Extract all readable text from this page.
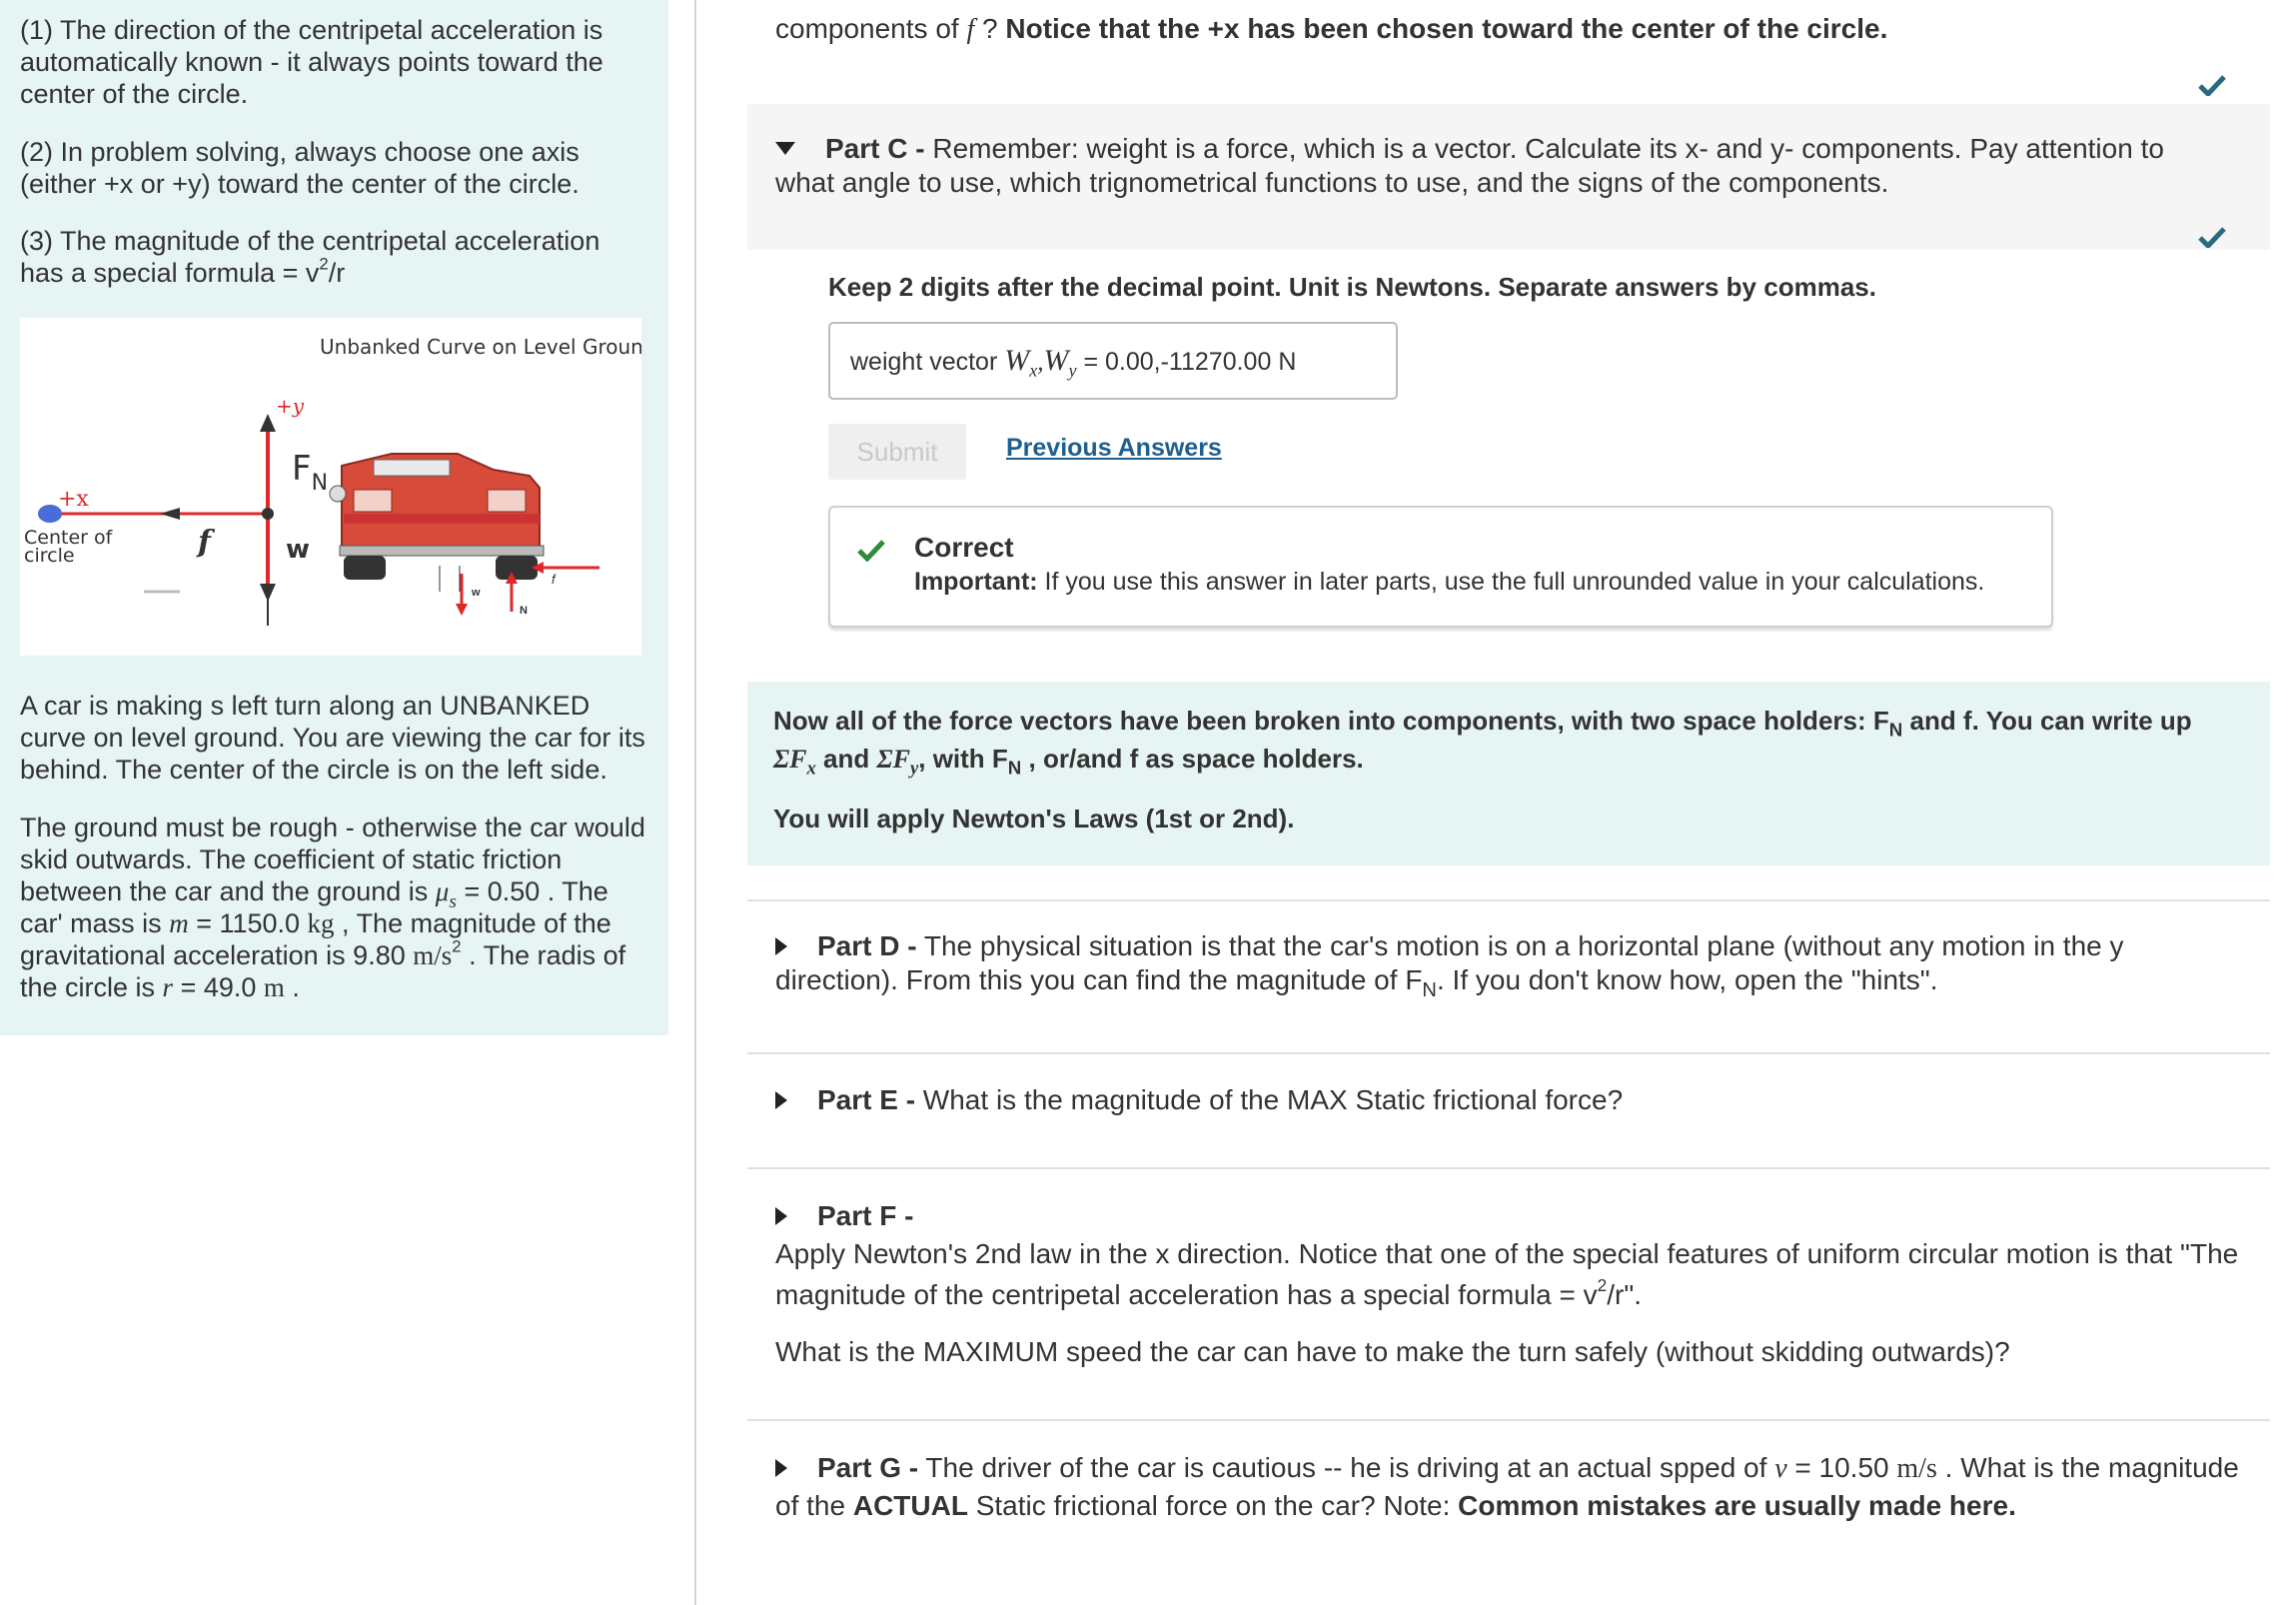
(1) The direction of the centripetal acceleration is automatically known - it always points toward the center of the circle.

(2) In problem solving, always choose one axis (either +x or +y) toward the center of the circle.

(3) The magnitude of the centripetal acceleration has a special formula = $v^2/r$

Unbanked Curve on Level Ground
+y
$F_N$
w
f
+x
Center of
circle
w
N
f

A car is making s left turn along an UNBANKED curve on level ground. You are viewing the car for its behind. The center of the circle is on the left side.

The ground must be rough - otherwise the car would skid outwards. The coefficient of static friction between the car and the ground is $\mu_s = 0.50$ . The car' mass is m = 1150.0 kg , The magnitude of the gravitational acceleration is 9.80 $m/s^2$ . The radis of the circle is r = 49.0 m .

components of f ? Notice that the +x has been chosen toward the center of the circle.

Part C - Remember: weight is a force, which is a vector. Calculate its x- and y- components. Pay attention to what angle to use, which trignometrical functions to use, and the signs of the components.

Keep 2 digits after the decimal point. Unit is Newtons. Separate answers by commas.

weight vector $W_x,W_y = 0.00,-11270.00$ N
Submit	Previous Answers
Correct
Important: If you use this answer in later parts, use the full unrounded value in your calculations.

Now all of the force vectors have been broken into components, with two space holders: $F_N$ and f. You can write up
$\Sigma F_x$ and $\Sigma F_y$, with $F_N$ , or/and f as space holders.

You will apply Newton's Laws (1st or 2nd).

Part D - The physical situation is that the car's motion is on a horizontal plane (without any motion in the y direction). From this you can find the magnitude of $F_N$. If you don't know how, open the "hints".

Part E - What is the magnitude of the MAX Static frictional force?

Part F -

Apply Newton's 2nd law in the x direction. Notice that one of the special features of uniform circular motion is that "The magnitude of the centripetal acceleration has a special formula = $v^2/r$".

What is the MAXIMUM speed the car can have to make the turn safely (without skidding outwards)?

Part G - The driver of the car is cautious -- he is driving at an actual spped of v = 10.50 m/s . What is the magnitude of the ACTUAL Static frictional force on the car? Note: Common mistakes are usually made here.
